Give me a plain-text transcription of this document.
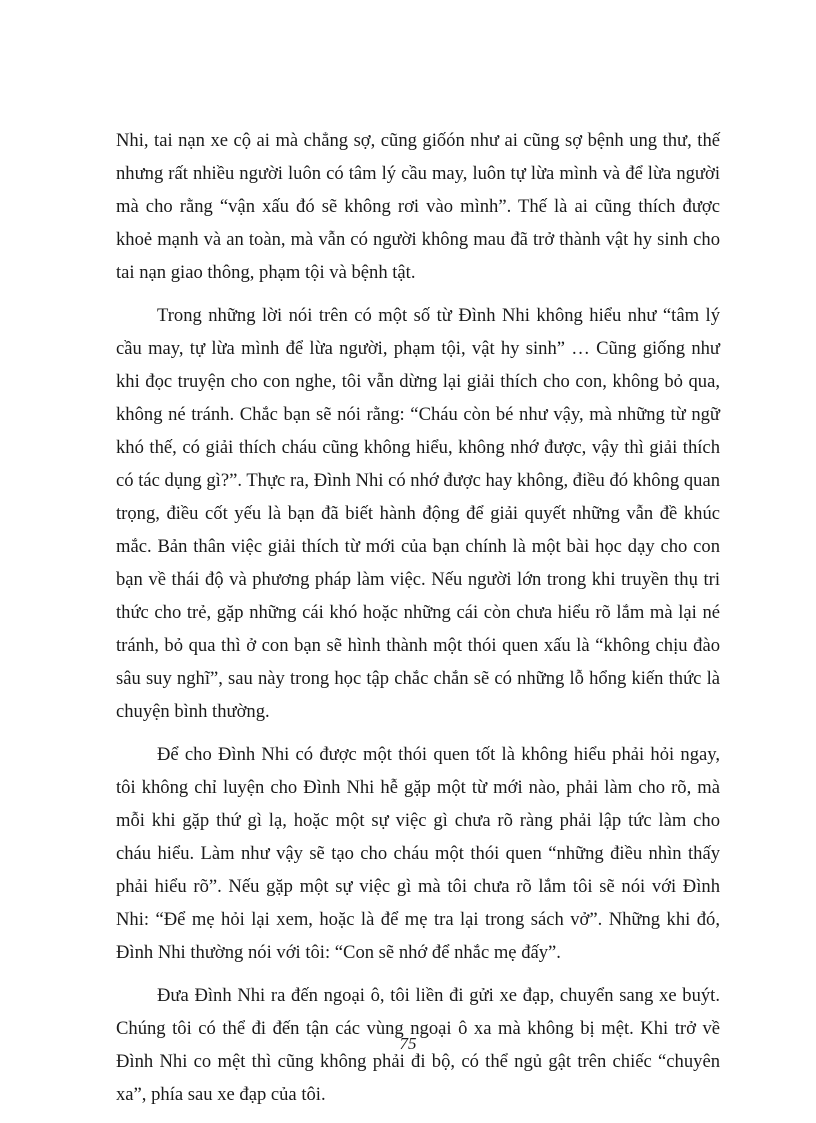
Nhi, tai nạn xe cộ ai mà chẳng sợ, cũng giốón như ai cũng sợ bệnh ung thư, thế nhưng rất nhiều người luôn có tâm lý cầu may, luôn tự lừa mình và để lừa người mà cho rằng “vận xấu đó sẽ không rơi vào mình”. Thế là ai cũng thích được khoẻ mạnh và an toàn, mà vẫn có người không mau đã trở thành vật hy sinh cho tai nạn giao thông, phạm tội và bệnh tật.

Trong những lời nói trên có một số từ Đình Nhi không hiểu như “tâm lý cầu may, tự lừa mình để lừa người, phạm tội, vật hy sinh” … Cũng giống như khi đọc truyện cho con nghe, tôi vẫn dừng lại giải thích cho con, không bỏ qua, không né tránh. Chắc bạn sẽ nói rằng: “Cháu còn bé như vậy, mà những từ ngữ khó thế, có giải thích cháu cũng không hiểu, không nhớ được, vậy thì giải thích có tác dụng gì?”. Thực ra, Đình Nhi có nhớ được hay không, điều đó không quan trọng, điều cốt yếu là bạn đã biết hành động để giải quyết những vẫn đề khúc mắc. Bản thân việc giải thích từ mới của bạn chính là một bài học dạy cho con bạn về thái độ và phương pháp làm việc. Nếu người lớn trong khi truyền thụ tri thức cho trẻ, gặp những cái khó hoặc những cái còn chưa hiểu rõ lắm mà lại né tránh, bỏ qua thì ở con bạn sẽ hình thành một thói quen xấu là “không chịu đào sâu suy nghĩ”, sau này trong học tập chắc chắn sẽ có những lỗ hổng kiến thức là chuyện bình thường.

Để cho Đình Nhi có được một thói quen tốt là không hiểu phải hỏi ngay, tôi không chỉ luyện cho Đình Nhi hễ gặp một từ mới nào, phải làm cho rõ, mà mỗi khi gặp thứ gì lạ, hoặc một sự việc gì chưa rõ ràng phải lập tức làm cho cháu hiểu. Làm như vậy sẽ tạo cho cháu một thói quen “những điều nhìn thấy phải hiểu rõ”. Nếu gặp một sự việc gì mà tôi chưa rõ lắm tôi sẽ nói với Đình Nhi: “Để mẹ hỏi lại xem, hoặc là để mẹ tra lại trong sách vở”. Những khi đó, Đình Nhi thường nói với tôi: “Con sẽ nhớ để nhắc mẹ đấy”.

Đưa Đình Nhi ra đến ngoại ô, tôi liền đi gửi xe đạp, chuyển sang xe buýt. Chúng tôi có thể đi đến tận các vùng ngoại ô xa mà không bị mệt. Khi trở về Đình Nhi co mệt thì cũng không phải đi bộ, có thể ngủ gật trên chiếc “chuyên xa”, phía sau xe đạp của tôi.

75
